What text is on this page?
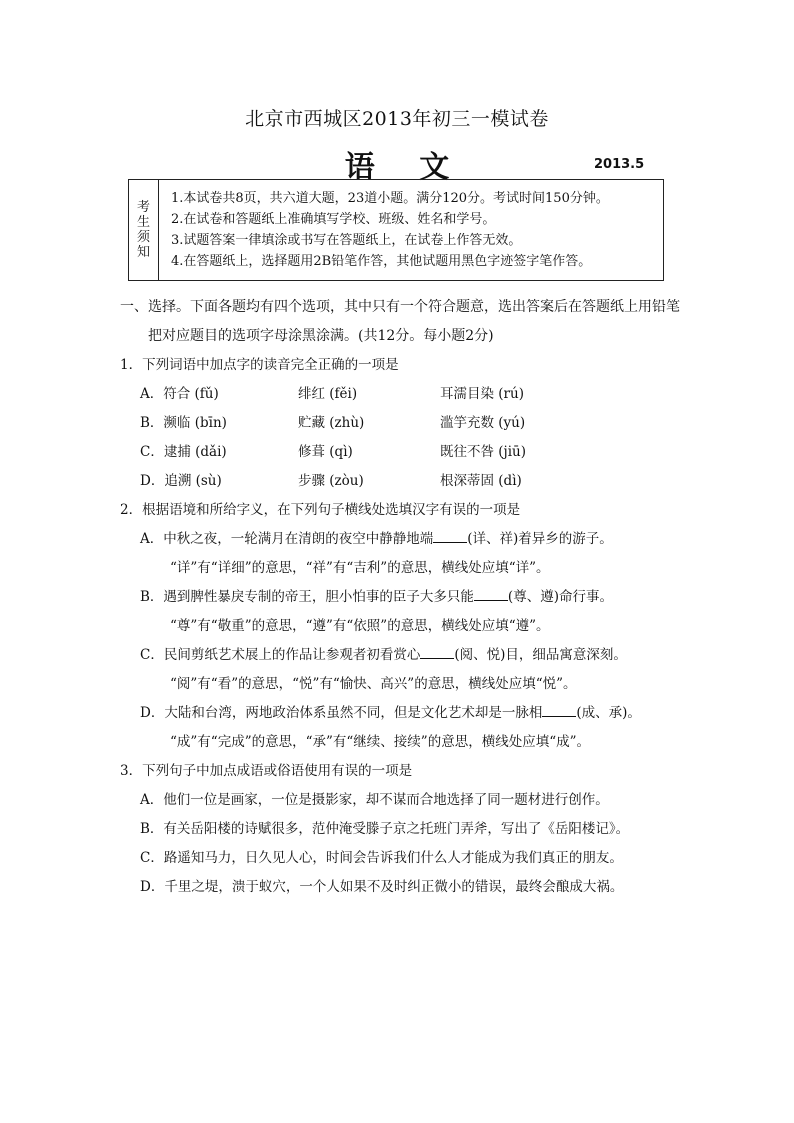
北京市西城区2013年初三一模试卷
语 文	2013.5
考
生
须
知
1.本试卷共8页，共六道大题，23道小题。满分120分。考试时间150分钟。
2.在试卷和答题纸上准确填写学校、班级、姓名和学号。
3.试题答案一律填涂或书写在答题纸上，在试卷上作答无效。
4.在答题纸上，选择题用2B铅笔作答，其他试题用黑色字迹签字笔作答。
一、选择。下面各题均有四个选项，其中只有一个符合题意，选出答案后在答题纸上用铅笔
把对应题目的选项字母涂黑涂满。(共12分。每小题2分)
1．下列词语中加点字的读音完全正确的一项是
A．符合 (fǔ)	绯红 (fěi)	耳濡目染 (rú)
B．濒临 (bīn)	贮藏 (zhù)	滥竽充数 (yú)
C．逮捕 (dǎi)	修葺 (qì)	既往不咎 (jiū)
D．追溯 (sù)	步骤 (zòu)	根深蒂固 (dì)
2．根据语境和所给字义，在下列句子横线处选填汉字有误的一项是
A．中秋之夜，一轮满月在清朗的夜空中静静地端	(详、祥)着异乡的游子。
“详”有“详细”的意思，“祥”有“吉利”的意思，横线处应填“详”。
B．遇到脾性暴戾专制的帝王，胆小怕事的臣子大多只能	(尊、遵)命行事。
“尊”有“敬重”的意思，“遵”有“依照”的意思，横线处应填“遵”。
C．民间剪纸艺术展上的作品让参观者初看赏心	(阅、悦)目，细品寓意深刻。
“阅”有“看”的意思，“悦”有“愉快、高兴”的意思，横线处应填“悦”。
D．大陆和台湾，两地政治体系虽然不同，但是文化艺术却是一脉相	(成、承)。
“成”有“完成”的意思，“承”有“继续、接续”的意思，横线处应填“成”。
3．下列句子中加点成语或俗语使用有误的一项是
A．他们一位是画家，一位是摄影家，却不谋而合地选择了同一题材进行创作。
B．有关岳阳楼的诗赋很多，范仲淹受滕子京之托班门弄斧，写出了《岳阳楼记》。
C．路遥知马力，日久见人心，时间会告诉我们什么人才能成为我们真正的朋友。
D．千里之堤，溃于蚁穴，一个人如果不及时纠正微小的错误，最终会酿成大祸。
